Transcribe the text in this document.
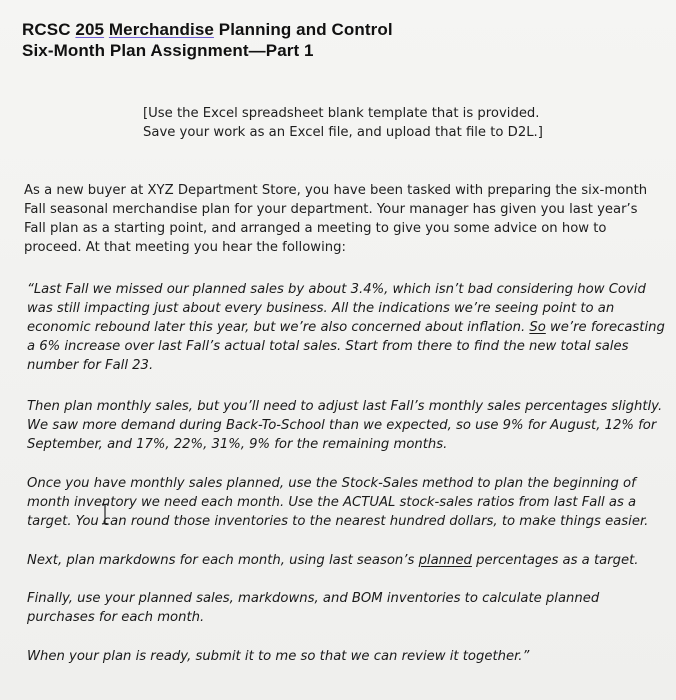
RCSC 205 Merchandise Planning and Control
Six-Month Plan Assignment—Part 1
[Use the Excel spreadsheet blank template that is provided.
Save your work as an Excel file, and upload that file to D2L.]
As a new buyer at XYZ Department Store, you have been tasked with preparing the six-month
Fall seasonal merchandise plan for your department. Your manager has given you last year’s
Fall plan as a starting point, and arranged a meeting to give you some advice on how to
proceed. At that meeting you hear the following:
“Last Fall we missed our planned sales by about 3.4%, which isn’t bad considering how Covid
was still impacting just about every business. All the indications we’re seeing point to an
economic rebound later this year, but we’re also concerned about inflation. So we’re forecasting
a 6% increase over last Fall’s actual total sales. Start from there to find the new total sales
number for Fall 23.
Then plan monthly sales, but you’ll need to adjust last Fall’s monthly sales percentages slightly.
We saw more demand during Back-To-School than we expected, so use 9% for August, 12% for
September, and 17%, 22%, 31%, 9% for the remaining months.
Once you have monthly sales planned, use the Stock-Sales method to plan the beginning of
month inventory we need each month. Use the ACTUAL stock-sales ratios from last Fall as a
target. You can round those inventories to the nearest hundred dollars, to make things easier.
Next, plan markdowns for each month, using last season’s planned percentages as a target.
Finally, use your planned sales, markdowns, and BOM inventories to calculate planned
purchases for each month.
When your plan is ready, submit it to me so that we can review it together.”
